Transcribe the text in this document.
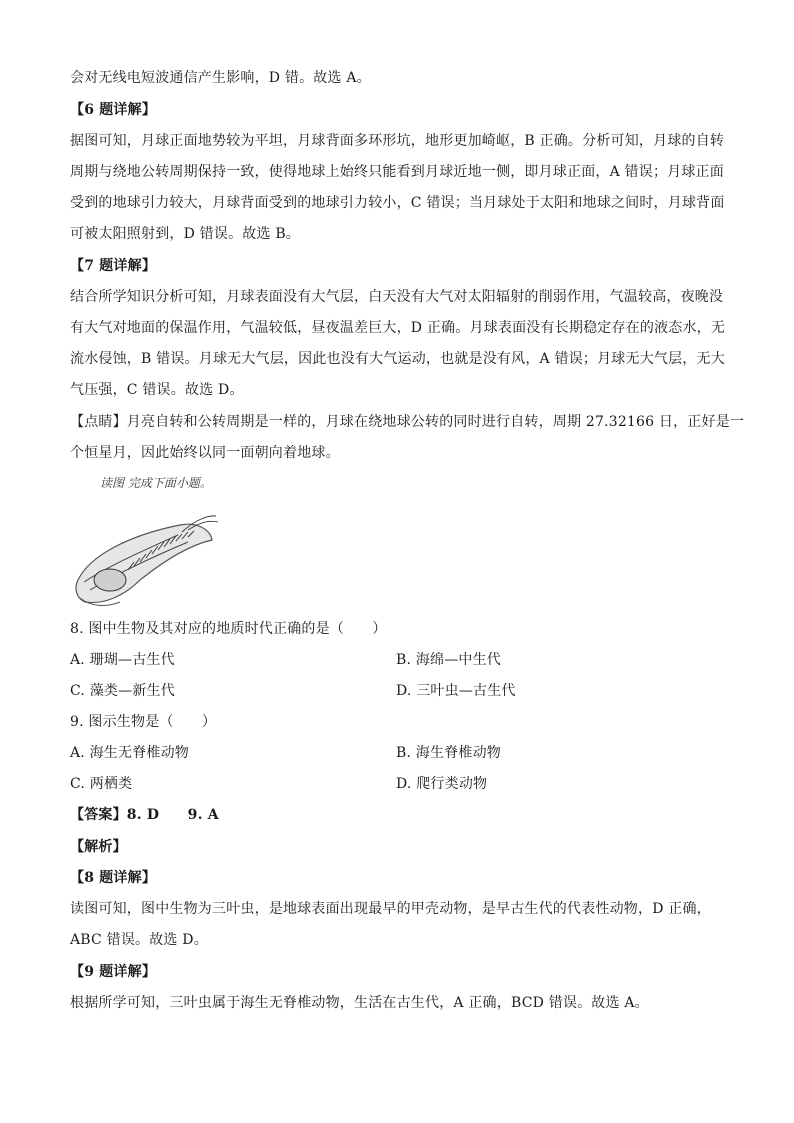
会对无线电短波通信产生影响，D 错。故选 A。
【6 题详解】
据图可知，月球正面地势较为平坦，月球背面多环形坑，地形更加崎岖，B 正确。分析可知，月球的自转
周期与绕地公转周期保持一致，使得地球上始终只能看到月球近地一侧，即月球正面，A 错误；月球正面
受到的地球引力较大，月球背面受到的地球引力较小，C 错误；当月球处于太阳和地球之间时，月球背面
可被太阳照射到，D 错误。故选 B。
【7 题详解】
结合所学知识分析可知，月球表面没有大气层，白天没有大气对太阳辐射的削弱作用，气温较高，夜晚没
有大气对地面的保温作用，气温较低，昼夜温差巨大，D 正确。月球表面没有长期稳定存在的液态水，无
流水侵蚀，B 错误。月球无大气层，因此也没有大气运动，也就是没有风，A 错误；月球无大气层，无大
气压强，C 错误。故选 D。
【点睛】月亮自转和公转周期是一样的，月球在绕地球公转的同时进行自转，周期 27.32166 日，正好是一
个恒星月，因此始终以同一面朝向着地球。
读图 完成下面小题。
8. 图中生物及其对应的地质时代正确的是（　　）
A. 珊瑚—古生代	B. 海绵—中生代
C. 藻类—新生代	D. 三叶虫—古生代
9. 图示生物是（　　）
A. 海生无脊椎动物	B. 海生脊椎动物
C. 两栖类	D. 爬行类动物
【答案】8. D　　9. A
【解析】
【8 题详解】
读图可知，图中生物为三叶虫，是地球表面出现最早的甲壳动物，是早古生代的代表性动物，D 正确，
ABC 错误。故选 D。
【9 题详解】
根据所学可知，三叶虫属于海生无脊椎动物，生活在古生代，A 正确，BCD 错误。故选 A。
